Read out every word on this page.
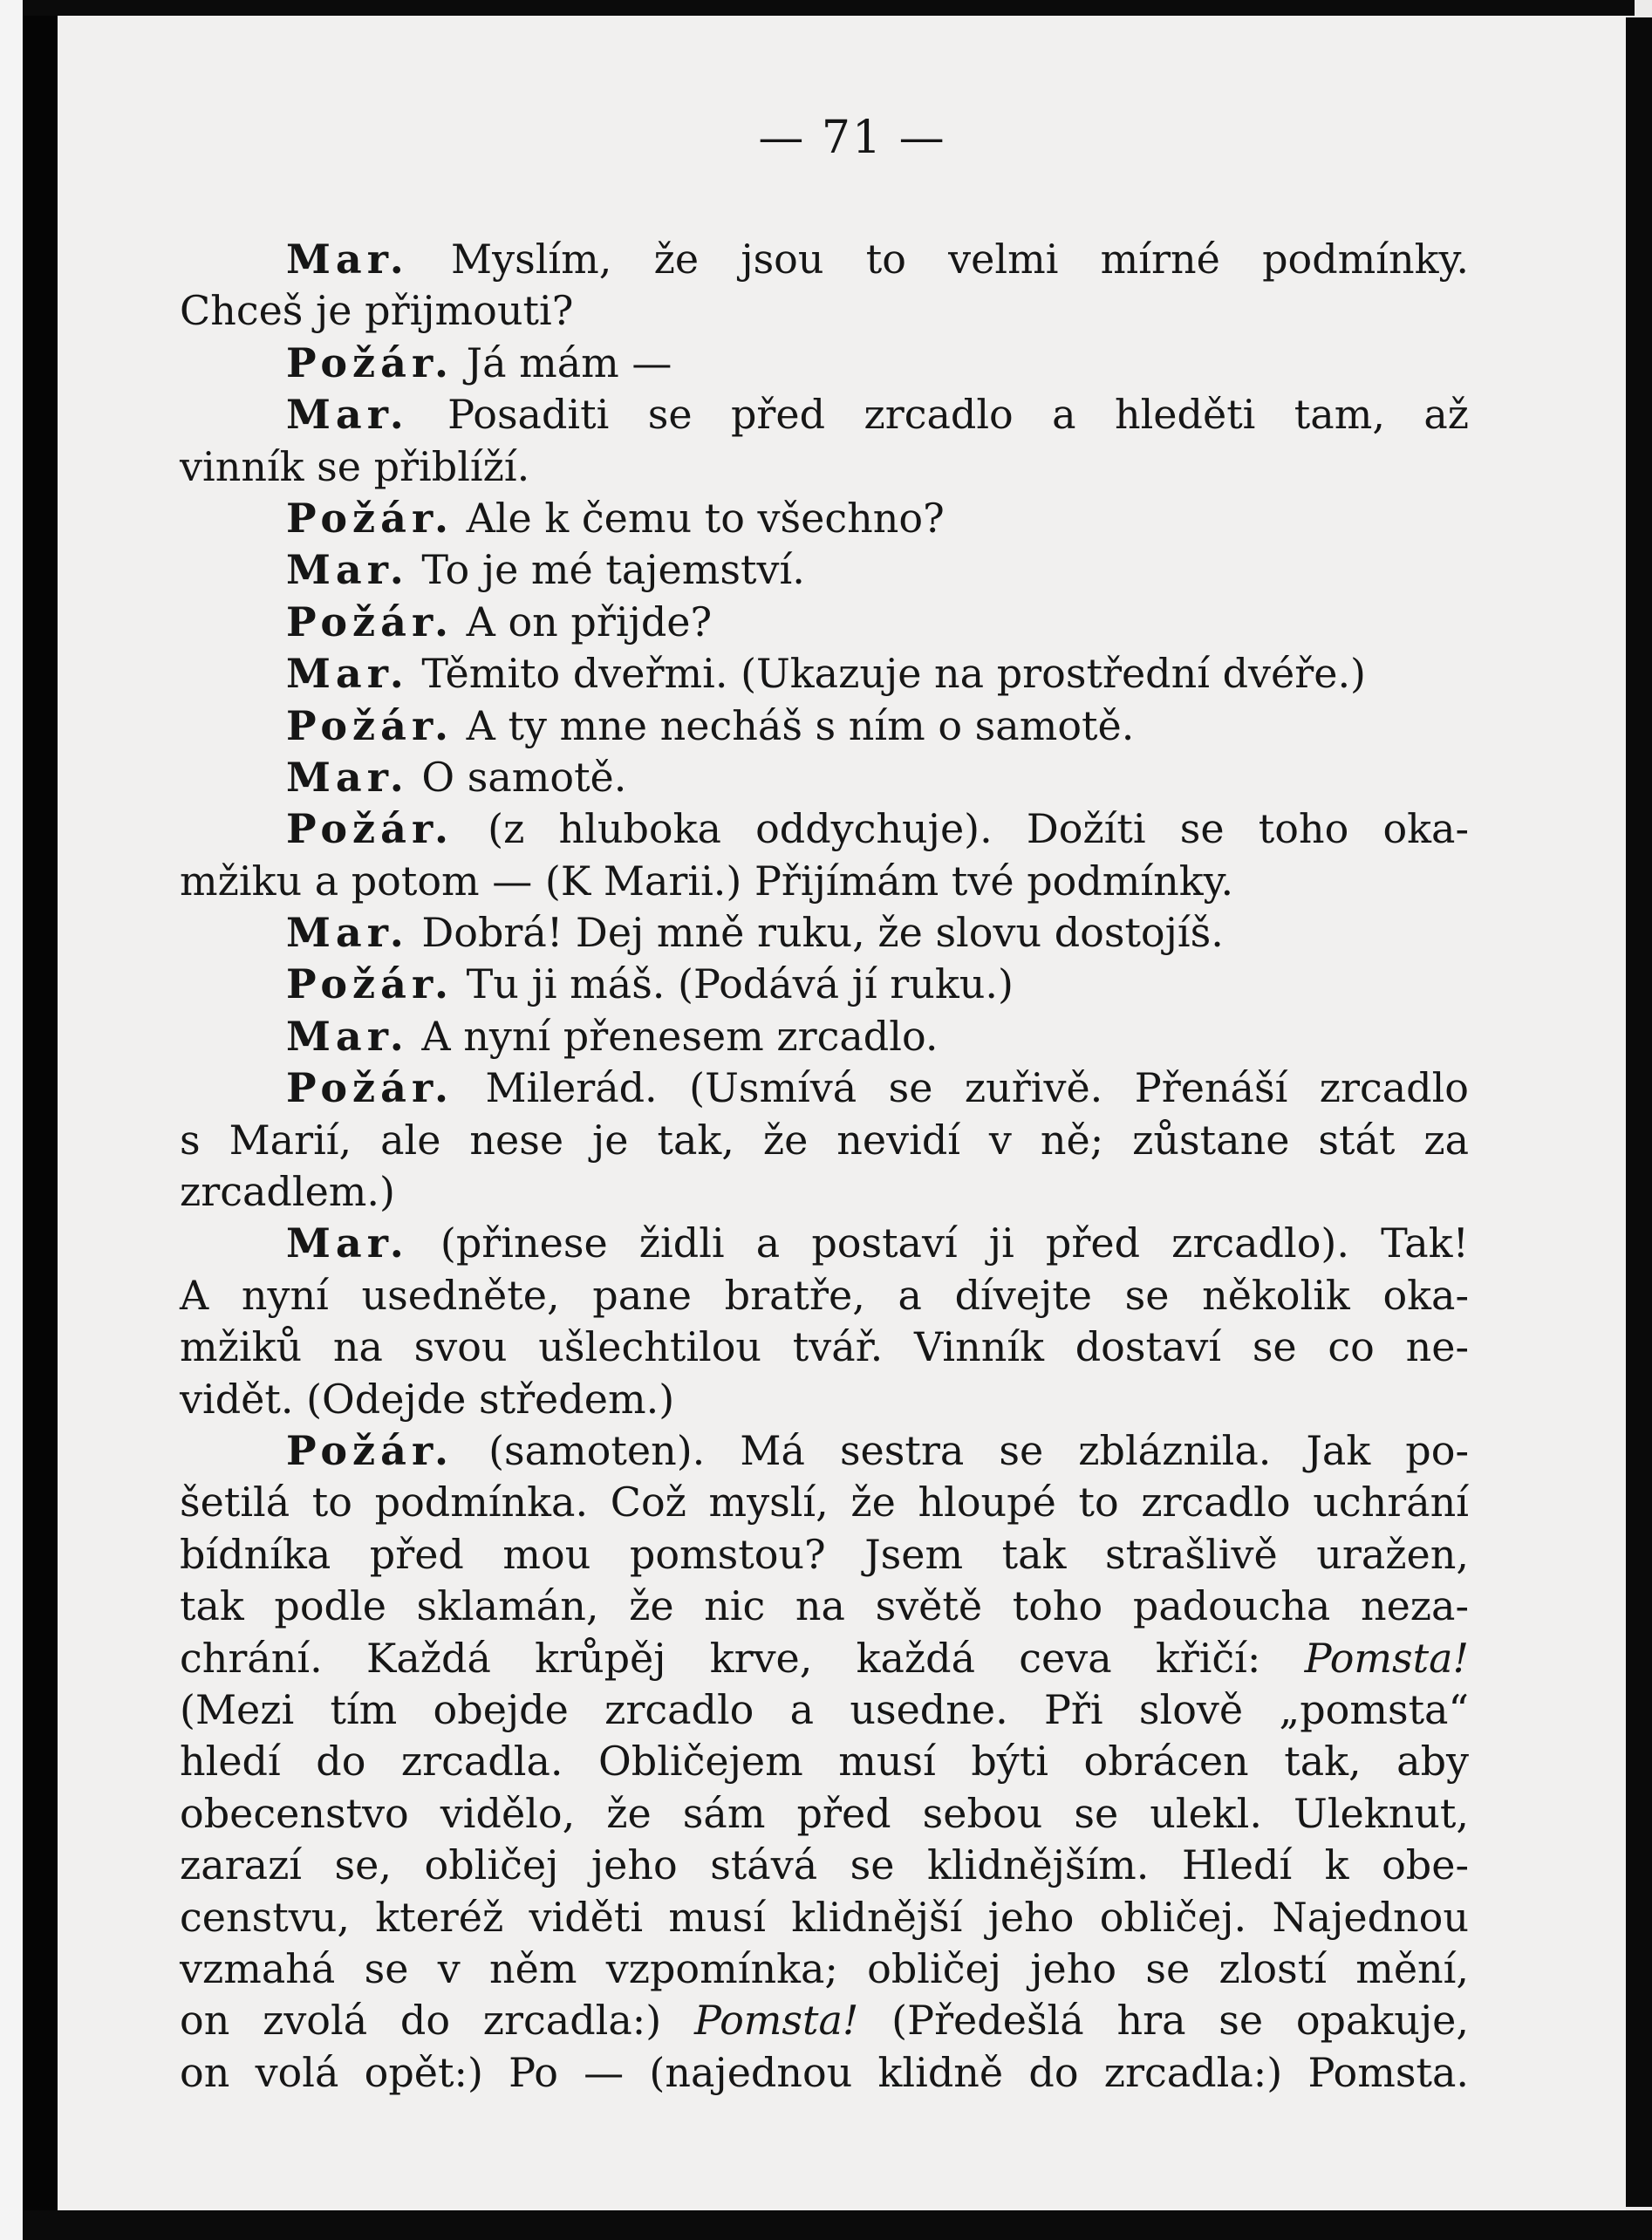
— 71 —
Mar. Myslím, že jsou to velmi mírné podmínky.
Chceš je přijmouti?
Požár. Já mám —
Mar. Posaditi se před zrcadlo a hleděti tam, až
vinník se přiblíží.
Požár. Ale k čemu to všechno?
Mar. To je mé tajemství.
Požár. A on přijde?
Mar. Těmito dveřmi. (Ukazuje na prostřední dvéře.)
Požár. A ty mne necháš s ním o samotě.
Mar. O samotě.
Požár. (z hluboka oddychuje). Dožíti se toho oka-
mžiku a potom — (K Marii.) Přijímám tvé podmínky.
Mar. Dobrá! Dej mně ruku, že slovu dostojíš.
Požár. Tu ji máš. (Podává jí ruku.)
Mar. A nyní přenesem zrcadlo.
Požár. Milerád. (Usmívá se zuřivě. Přenáší zrcadlo
s Marií, ale nese je tak, že nevidí v ně; zůstane stát za
zrcadlem.)
Mar. (přinese židli a postaví ji před zrcadlo). Tak!
A nyní usedněte, pane bratře, a dívejte se několik oka-
mžiků na svou ušlechtilou tvář. Vinník dostaví se co ne-
vidět. (Odejde středem.)
Požár. (samoten). Má sestra se zbláznila. Jak po-
šetilá to podmínka. Což myslí, že hloupé to zrcadlo uchrání
bídníka před mou pomstou? Jsem tak strašlivě uražen,
tak podle sklamán, že nic na světě toho padoucha neza-
chrání. Každá krůpěj krve, každá ceva křičí: Pomsta!
(Mezi tím obejde zrcadlo a usedne. Při slově „pomsta“
hledí do zrcadla. Obličejem musí býti obrácen tak, aby
obecenstvo vidělo, že sám před sebou se ulekl. Uleknut,
zarazí se, obličej jeho stává se klidnějším. Hledí k obe-
censtvu, kteréž viděti musí klidnější jeho obličej. Najednou
vzmahá se v něm vzpomínka; obličej jeho se zlostí mění,
on zvolá do zrcadla:) Pomsta! (Předešlá hra se opakuje,
on volá opět:) Po — (najednou klidně do zrcadla:) Pomsta.
